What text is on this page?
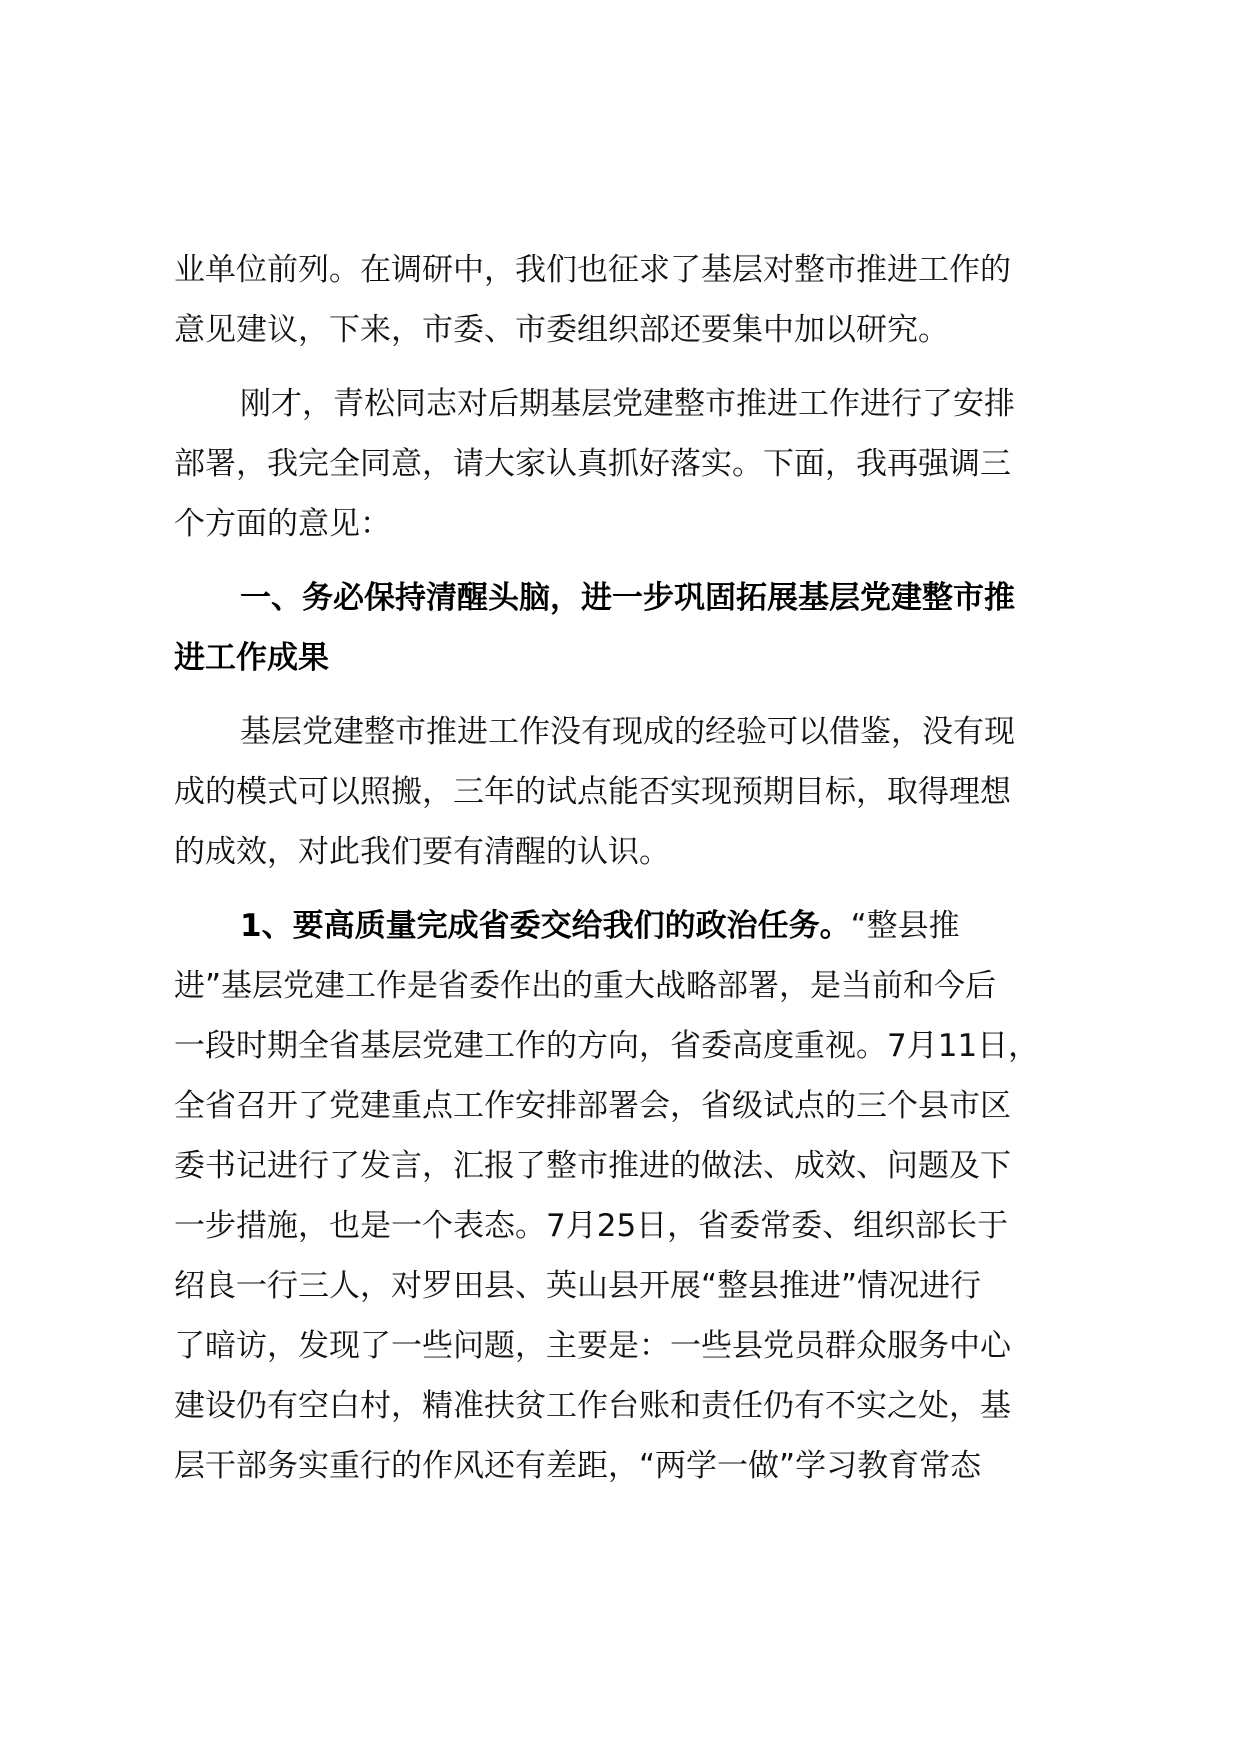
业单位前列。在调研中，我们也征求了基层对整市推进工作的
意见建议，下来，市委、市委组织部还要集中加以研究。
刚才，青松同志对后期基层党建整市推进工作进行了安排
部署，我完全同意，请大家认真抓好落实。下面，我再强调三
个方面的意见：
一、务必保持清醒头脑，进一步巩固拓展基层党建整市推
进工作成果
基层党建整市推进工作没有现成的经验可以借鉴，没有现
成的模式可以照搬，三年的试点能否实现预期目标，取得理想
的成效，对此我们要有清醒的认识。
1、要高质量完成省委交给我们的政治任务。“整县推
进”基层党建工作是省委作出的重大战略部署，是当前和今后
一段时期全省基层党建工作的方向，省委高度重视。7月11日，
全省召开了党建重点工作安排部署会，省级试点的三个县市区
委书记进行了发言，汇报了整市推进的做法、成效、问题及下
一步措施，也是一个表态。7月25日，省委常委、组织部长于
绍良一行三人，对罗田县、英山县开展“整县推进”情况进行
了暗访，发现了一些问题，主要是：一些县党员群众服务中心
建设仍有空白村，精准扶贫工作台账和责任仍有不实之处，基
层干部务实重行的作风还有差距，“两学一做”学习教育常态
